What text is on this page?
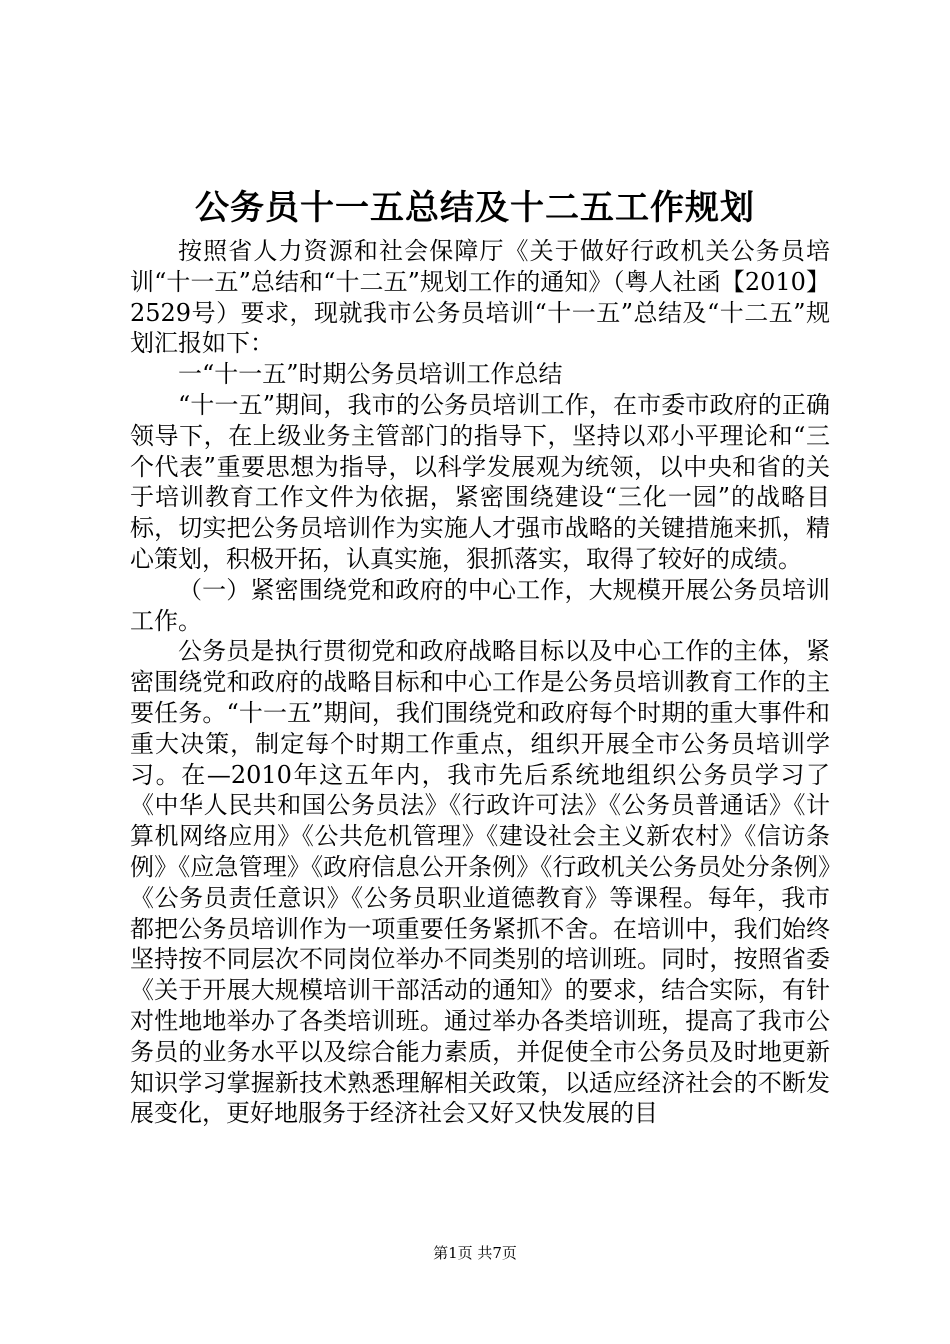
公务员十一五总结及十二五工作规划

按照省人力资源和社会保障厅《关于做好行政机关公务员培训“十一五”总结和“十二五”规划工作的通知》（粤人社函【2010】2529号）要求，现就我市公务员培训“十一五”总结及“十二五”规划汇报如下：

一“十一五”时期公务员培训工作总结

“十一五”期间，我市的公务员培训工作，在市委市政府的正确领导下，在上级业务主管部门的指导下，坚持以邓小平理论和“三个代表”重要思想为指导，以科学发展观为统领，以中央和省的关于培训教育工作文件为依据，紧密围绕建设“三化一园”的战略目标，切实把公务员培训作为实施人才强市战略的关键措施来抓，精心策划，积极开拓，认真实施，狠抓落实，取得了较好的成绩。

（一）紧密围绕党和政府的中心工作，大规模开展公务员培训工作。

公务员是执行贯彻党和政府战略目标以及中心工作的主体，紧密围绕党和政府的战略目标和中心工作是公务员培训教育工作的主要任务。“十一五”期间，我们围绕党和政府每个时期的重大事件和重大决策，制定每个时期工作重点，组织开展全市公务员培训学习。在—2010年这五年内，我市先后系统地组织公务员学习了《中华人民共和国公务员法》《行政许可法》《公务员普通话》《计算机网络应用》《公共危机管理》《建设社会主义新农村》《信访条例》《应急管理》《政府信息公开条例》《行政机关公务员处分条例》《公务员责任意识》《公务员职业道德教育》等课程。每年，我市都把公务员培训作为一项重要任务紧抓不舍。在培训中，我们始终坚持按不同层次不同岗位举办不同类别的培训班。同时，按照省委《关于开展大规模培训干部活动的通知》的要求，结合实际，有针对性地地举办了各类培训班。通过举办各类培训班，提高了我市公务员的业务水平以及综合能力素质，并促使全市公务员及时地更新知识学习掌握新技术熟悉理解相关政策，以适应经济社会的不断发展变化，更好地服务于经济社会又好又快发展的目

第1页 共7页
